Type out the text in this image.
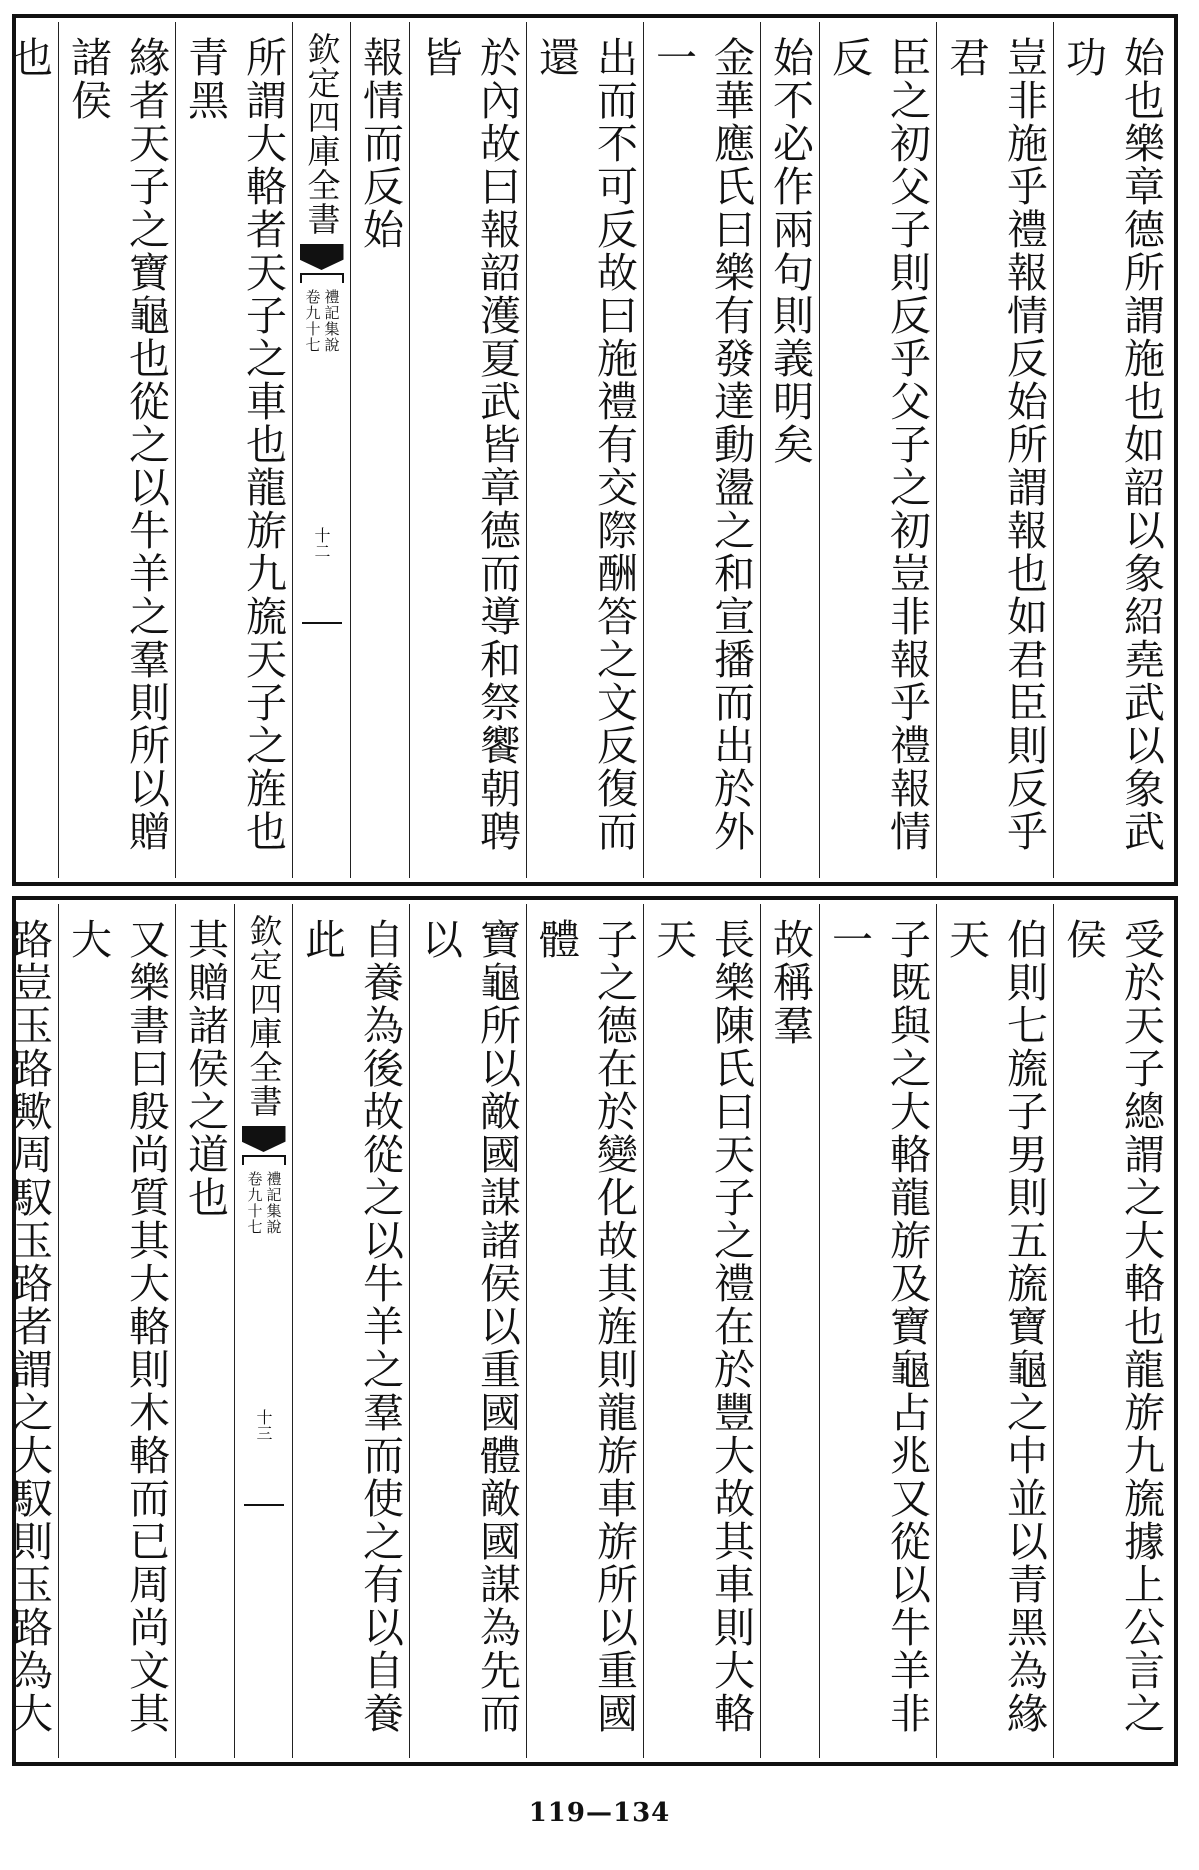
始也樂章德所謂施也如韶以象紹堯武以象武功
豈非施乎禮報情反始所謂報也如君臣則反乎君
臣之初父子則反乎父子之初豈非報乎禮報情反
始不必作兩句則義明矣
金華應氏曰樂有發達動盪之和宣播而出於外一
出而不可反故曰施禮有交際酬答之文反復而還
於內故曰報韶濩夏武皆章德而導和祭饗朝聘皆
報情而反始
欽定四庫全書
禮記集說
卷九十七
十二
所謂大輅者天子之車也龍旂九旒天子之旌也青黑
緣者天子之寶龜也從之以牛羊之羣則所以贈諸侯
也
受於天子總謂之大輅也龍旂九旒據上公言之侯
伯則七旒子男則五旒寶龜之中並以青黑為緣天
子既與之大輅龍旂及寶龜占兆又從以牛羊非一
故稱羣
長樂陳氏曰天子之禮在於豐大故其車則大輅天
子之德在於變化故其旌則龍旂車旂所以重國體
寶龜所以敵國謀諸侯以重國體敵國謀為先而以
自養為後故從之以牛羊之羣而使之有以自養此
欽定四庫全書
禮記集說
卷九十七
十三
其贈諸侯之道也
又樂書曰殷尚質其大輅則木輅而已周尚文其大
路豈玉路歟周馭玉路者謂之大馭則玉路為大
119—134
